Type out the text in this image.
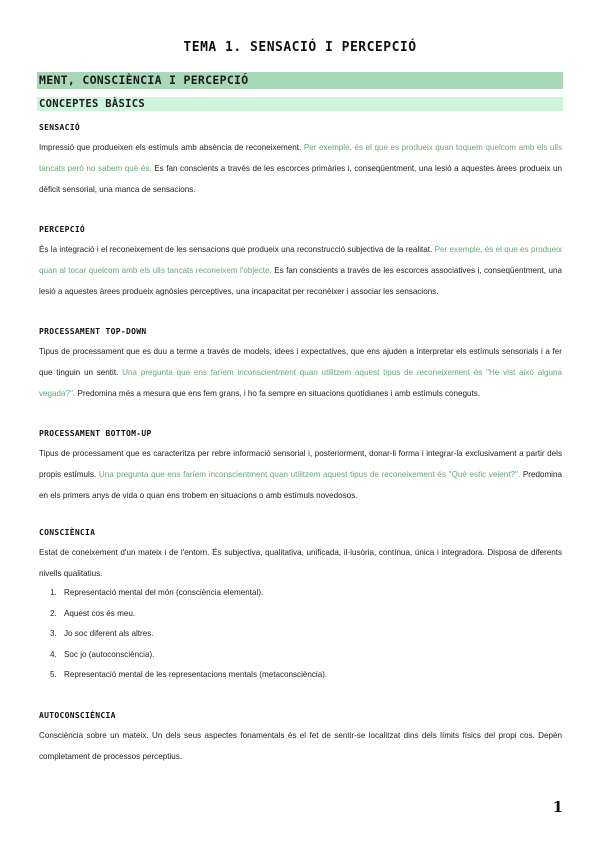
TEMA 1. SENSACIÓ I PERCEPCIÓ
MENT, CONSCIÈNCIA I PERCEPCIÓ
CONCEPTES BÀSICS
SENSACIÓ
Impressió que produeixen els estímuls amb absència de reconeixement. Per exemple, és el que es produeix quan toquem quelcom amb els ulls tancats però no sabem què és. Es fan conscients a través de les escorces primàries i, conseqüentment, una lesió a aquestes àrees produeix un dèficit sensorial, una manca de sensacions.
PERCEPCIÓ
És la integració i el reconeixement de les sensacions que produeix una reconstrucció subjectiva de la realitat. Per exemple, és el que es produeix quan al tocar quelcom amb els ulls tancats reconeixem l'objecte. Es fan conscients a través de les escorces associatives i, conseqüentment, una lesió a aquestes àrees produeix agnòsies perceptives, una incapacitat per reconèixer i associar les sensacions.
PROCESSAMENT TOP-DOWN
Tipus de processament que es duu a terme a través de models, idees i expectatives, que ens ajuden a interpretar els estímuls sensorials i a fer que tinguin un sentit. Una pregunta que ens faríem inconscientment quan utilitzem aquest tipus de reconeixement és "He vist això alguna vegada?". Predomina més a mesura que ens fem grans, i ho fa sempre en situacions quotidianes i amb estímuls coneguts.
PROCESSAMENT BOTTOM-UP
Tipus de processament que es caracteritza per rebre informació sensorial i, posteriorment, donar-li forma i integrar-la exclusivament a partir dels propis estímuls. Una pregunta que ens faríem inconscientment quan utilitzem aquest tipus de reconeixement és "Què estic veient?". Predomina en els primers anys de vida o quan ens trobem en situacions o amb estímuls novedosos.
CONSCIÈNCIA
Estat de coneixement d'un mateix i de l'entorn. És subjectiva, qualitativa, unificada, il·lusòria, contínua, única i integradora. Disposa de diferents nivells qualitatius.
1. Representació mental del món (consciència elemental).
2. Aquest cos és meu.
3. Jo soc diferent als altres.
4. Soc jo (autoconsciència).
5. Representació mental de les representacions mentals (metaconsciència).
AUTOCONSCIÈNCIA
Consciència sobre un mateix. Un dels seus aspectes fonamentals és el fet de sentir-se localitzat dins dels límits físics del propi cos. Depèn completament de processos perceptius.
1
